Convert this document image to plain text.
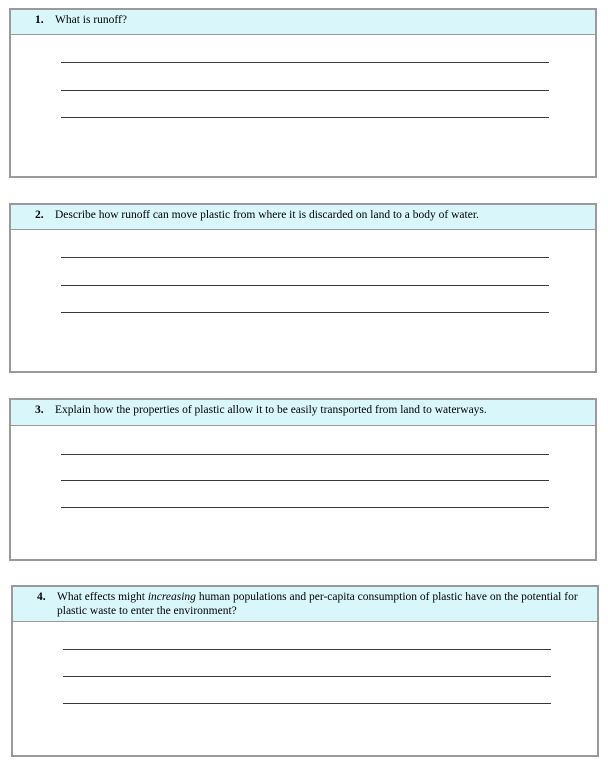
1. What is runoff?
2. Describe how runoff can move plastic from where it is discarded on land to a body of water.
3. Explain how the properties of plastic allow it to be easily transported from land to waterways.
4. What effects might increasing human populations and per-capita consumption of plastic have on the potential for plastic waste to enter the environment?
